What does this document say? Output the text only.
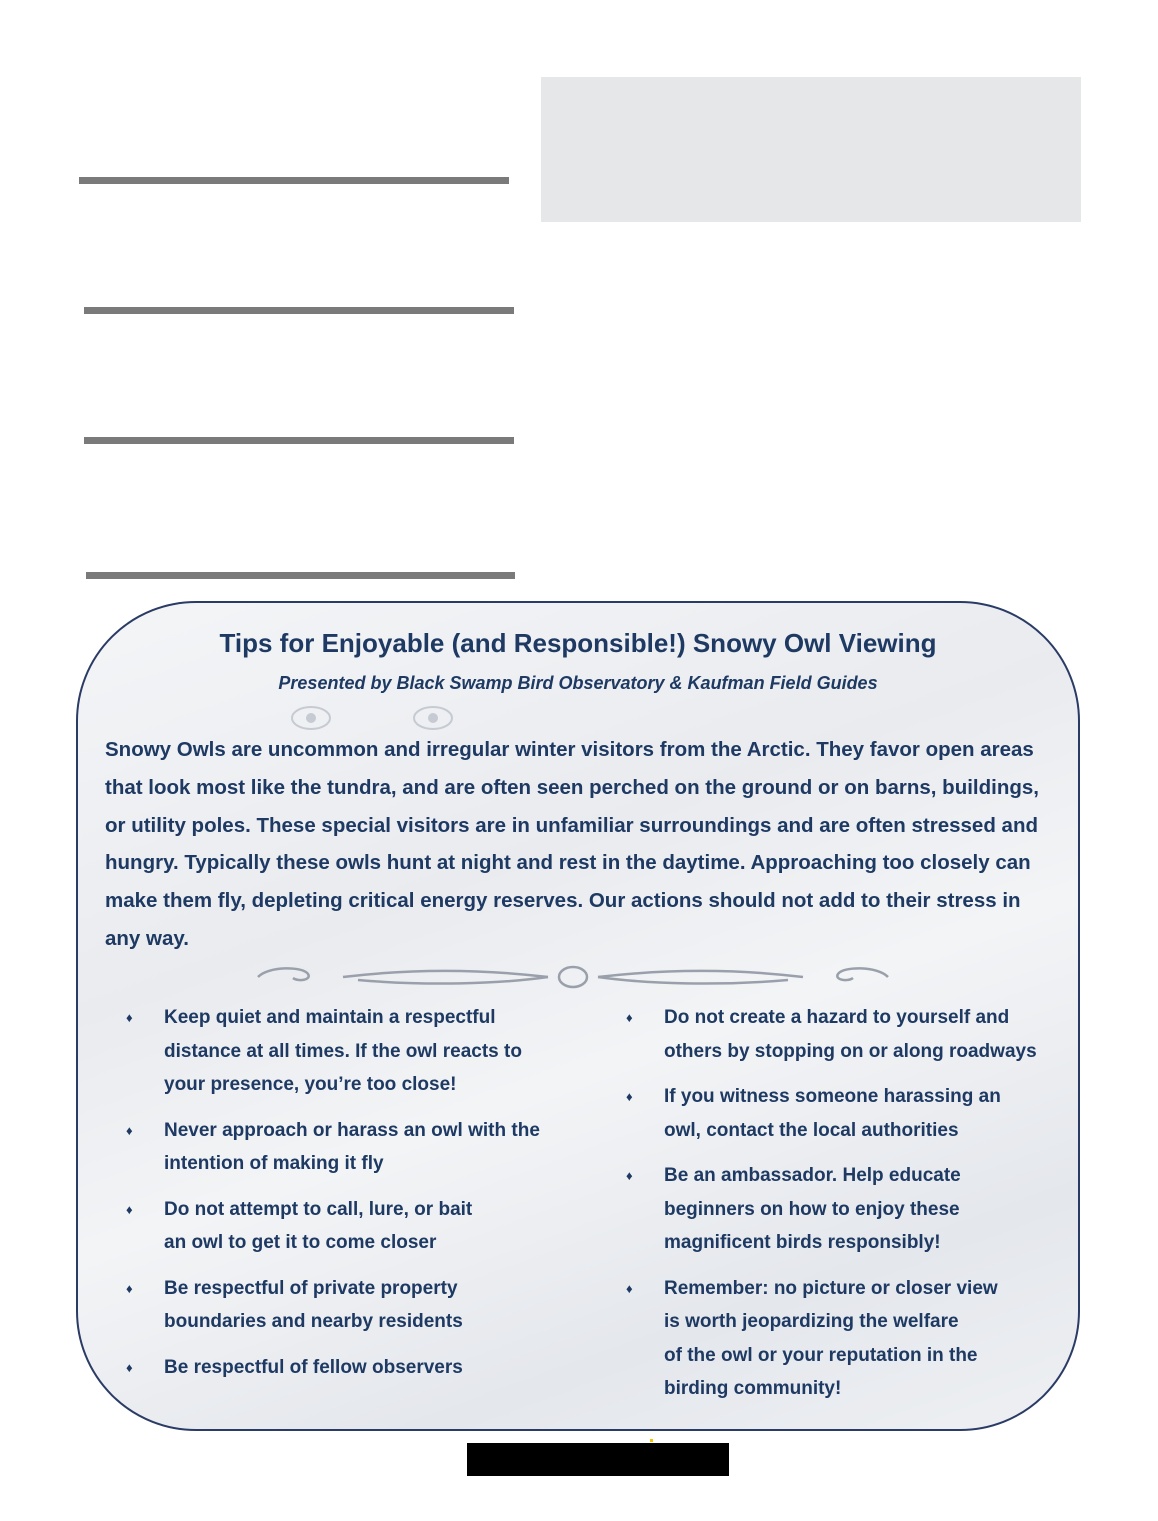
Tips for Enjoyable (and Responsible!) Snowy Owl Viewing
Presented by Black Swamp Bird Observatory & Kaufman Field Guides

Snowy Owls are uncommon and irregular winter visitors from the Arctic. They favor open areas that look most like the tundra, and are often seen perched on the ground or on barns, buildings, or utility poles. These special visitors are in unfamiliar surroundings and are often stressed and hungry. Typically these owls hunt at night and rest in the daytime. Approaching too closely can make them fly, depleting critical energy reserves. Our actions should not add to their stress in any way.

♦	Keep quiet and maintain a respectful
distance at all times. If the owl reacts to
your presence, you’re too close!
♦	Never approach or harass an owl with the
intention of making it fly
♦	Do not attempt to call, lure, or bait
an owl to get it to come closer
♦	Be respectful of private property
boundaries and nearby residents
♦	Be respectful of fellow observers
♦	Do not create a hazard to yourself and
others by stopping on or along roadways
♦	If you witness someone harassing an
owl, contact the local authorities
♦	Be an ambassador. Help educate
beginners on how to enjoy these
magnificent birds responsibly!
♦	Remember: no picture or closer view
is worth jeopardizing the welfare
of the owl or your reputation in the
birding community!
